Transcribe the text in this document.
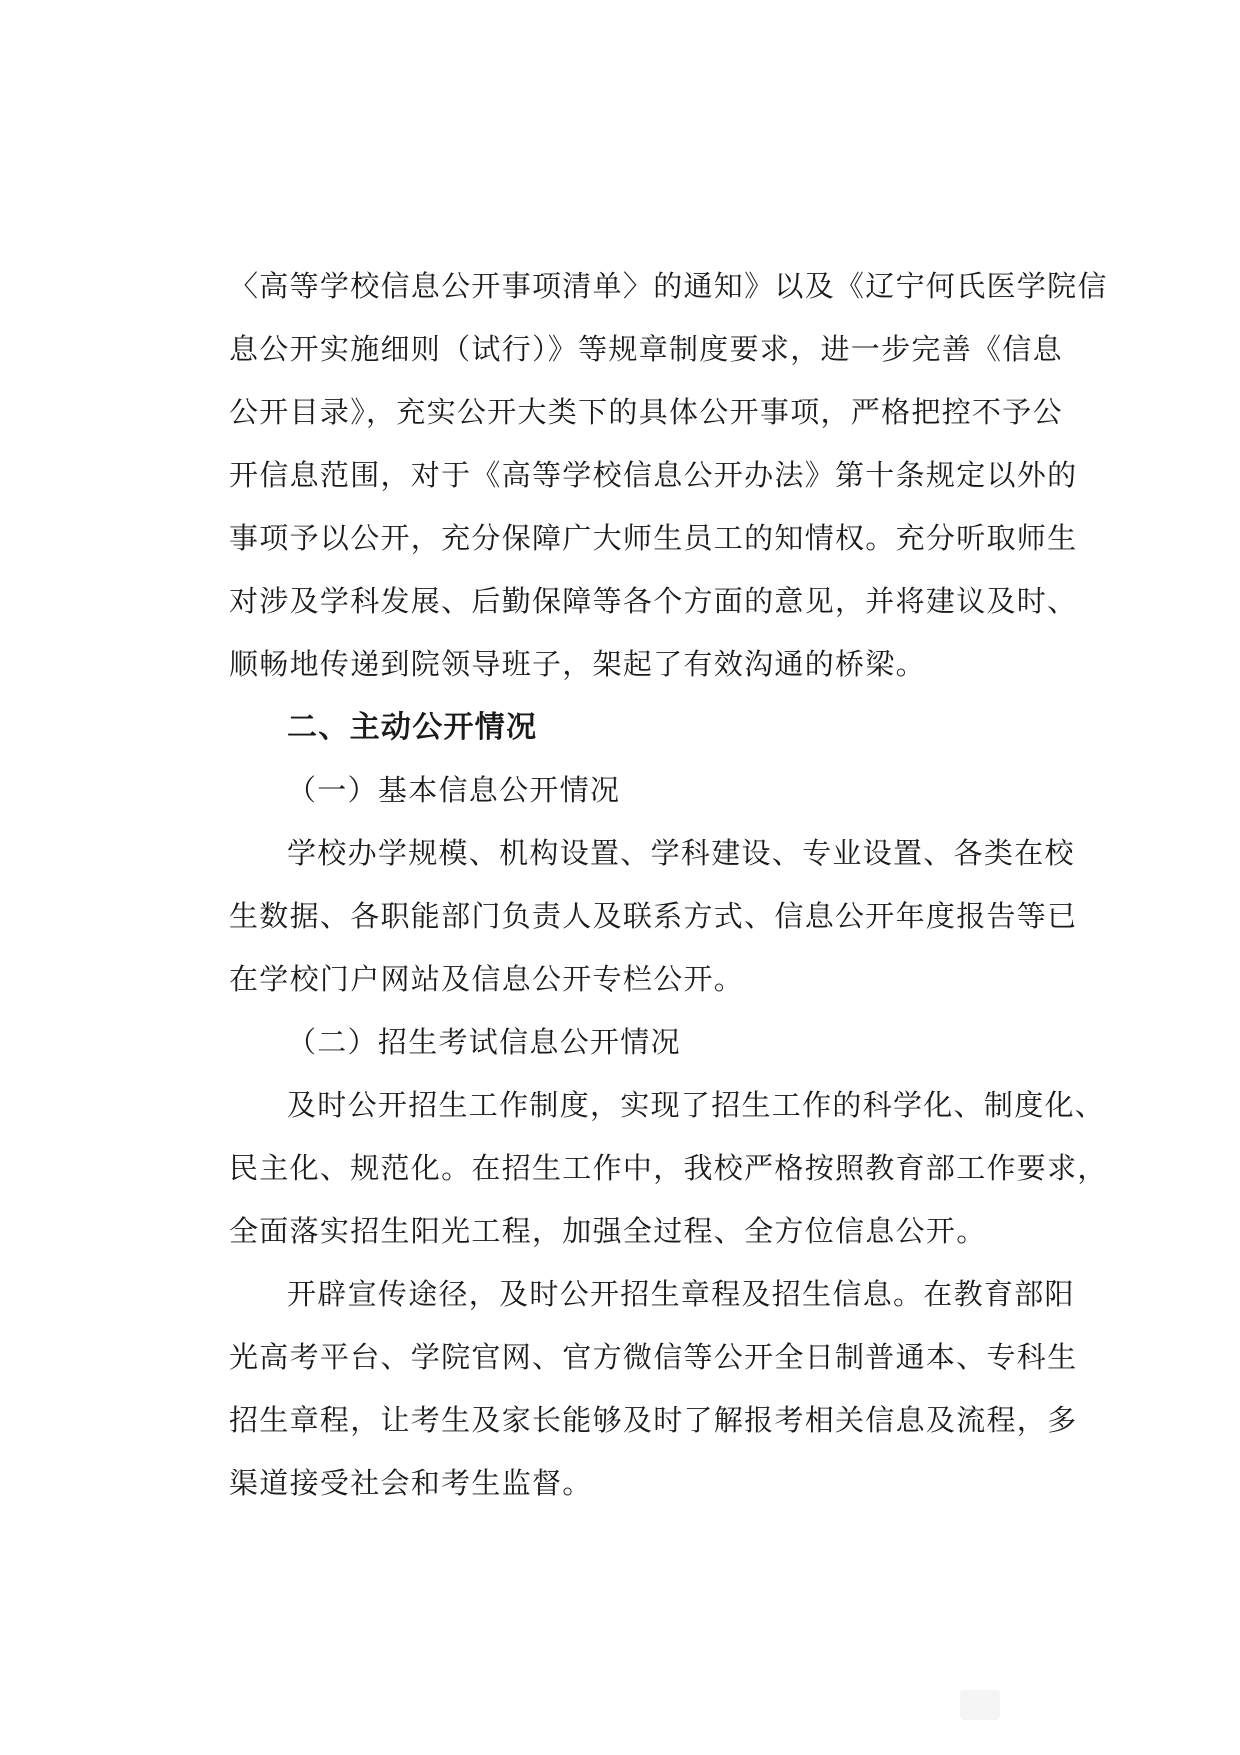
〈高等学校信息公开事项清单〉的通知》以及《辽宁何氏医学院信
息公开实施细则（试行）》等规章制度要求，进一步完善《信息
公开目录》，充实公开大类下的具体公开事项，严格把控不予公
开信息范围，对于《高等学校信息公开办法》第十条规定以外的
事项予以公开，充分保障广大师生员工的知情权。充分听取师生
对涉及学科发展、后勤保障等各个方面的意见，并将建议及时、
顺畅地传递到院领导班子，架起了有效沟通的桥梁。
二、主动公开情况
（一）基本信息公开情况
学校办学规模、机构设置、学科建设、专业设置、各类在校
生数据、各职能部门负责人及联系方式、信息公开年度报告等已
在学校门户网站及信息公开专栏公开。
（二）招生考试信息公开情况
及时公开招生工作制度，实现了招生工作的科学化、制度化、
民主化、规范化。在招生工作中，我校严格按照教育部工作要求，
全面落实招生阳光工程，加强全过程、全方位信息公开。
开辟宣传途径，及时公开招生章程及招生信息。在教育部阳
光高考平台、学院官网、官方微信等公开全日制普通本、专科生
招生章程，让考生及家长能够及时了解报考相关信息及流程，多
渠道接受社会和考生监督。
